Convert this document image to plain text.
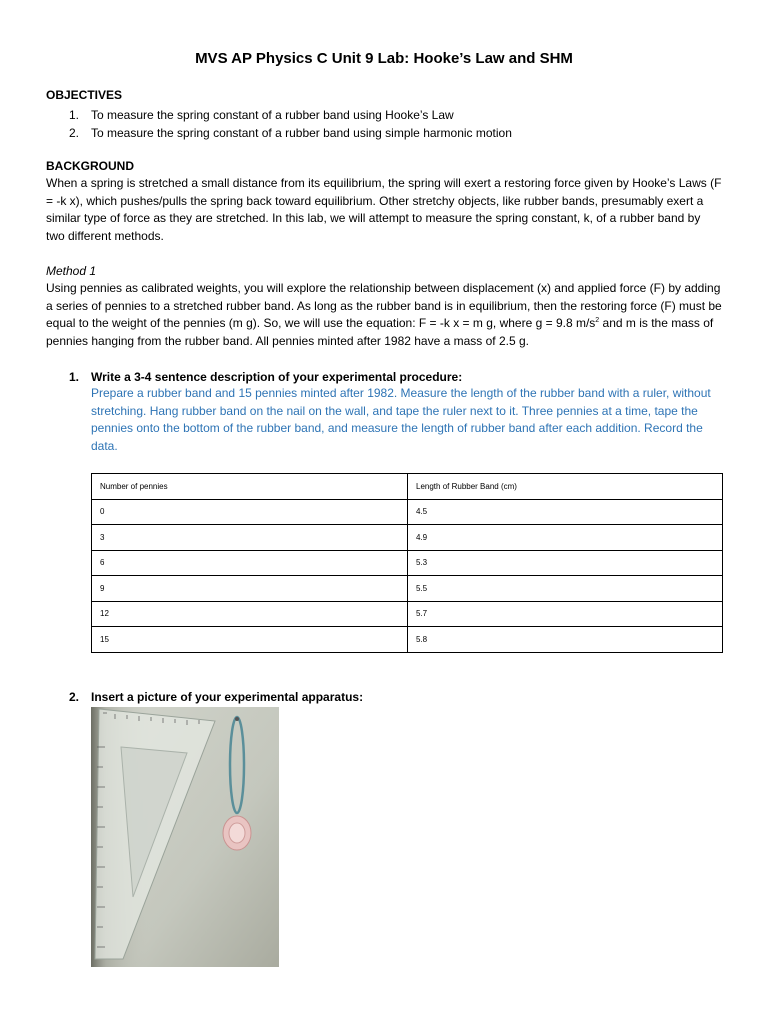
MVS AP Physics C Unit 9 Lab: Hooke’s Law and SHM
OBJECTIVES
1. To measure the spring constant of a rubber band using Hooke’s Law
2. To measure the spring constant of a rubber band using simple harmonic motion
BACKGROUND
When a spring is stretched a small distance from its equilibrium, the spring will exert a restoring force given by Hooke’s Laws (F = -k x), which pushes/pulls the spring back toward equilibrium. Other stretchy objects, like rubber bands, presumably exert a similar type of force as they are stretched. In this lab, we will attempt to measure the spring constant, k, of a rubber band by two different methods.
Method 1
Using pennies as calibrated weights, you will explore the relationship between displacement (x) and applied force (F) by adding a series of pennies to a stretched rubber band. As long as the rubber band is in equilibrium, then the restoring force (F) must be equal to the weight of the pennies (m g). So, we will use the equation: F = -k x = m g, where g = 9.8 $m/s^2$ and m is the mass of pennies hanging from the rubber band. All pennies minted after 1982 have a mass of 2.5 g.
1. Write a 3-4 sentence description of your experimental procedure:
Prepare a rubber band and 15 pennies minted after 1982. Measure the length of the rubber band with a ruler, without stretching. Hang rubber band on the nail on the wall, and tape the ruler next to it. Three pennies at a time, tape the pennies onto the bottom of the rubber band, and measure the length of rubber band after each addition. Record the data.
Number of pennies	Length of Rubber Band (cm)
0	4.5
3	4.9
6	5.3
9	5.5
12	5.7
15	5.8
2. Insert a picture of your experimental apparatus:
